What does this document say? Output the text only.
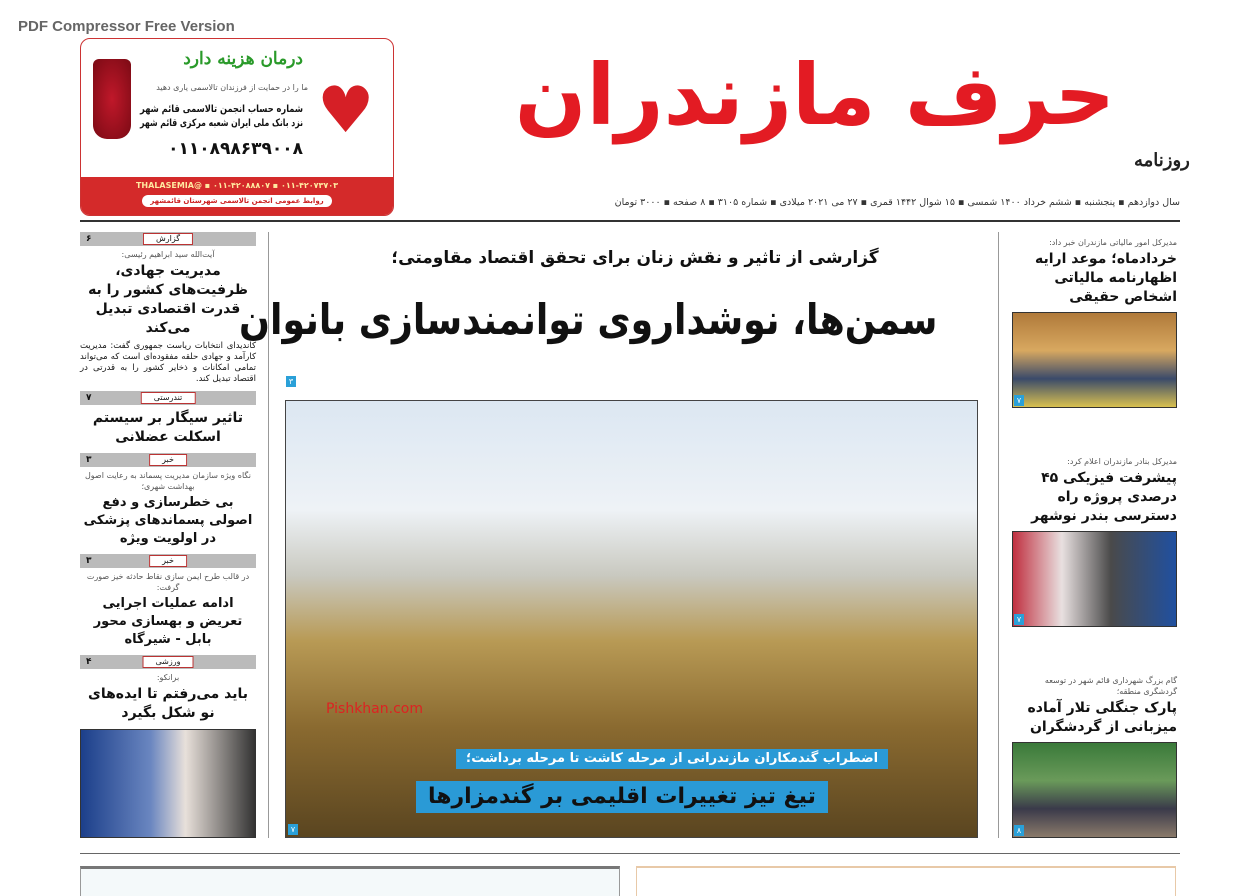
PDF Compressor Free Version
♥
درمان هزینه دارد
ما را در حمایت از فرزندان تالاسمی یاری دهید
شماره حساب انجمن تالاسمی قائم شهر
نزد بانک ملی ایران شعبه مرکزی قائم شهر
۰۱۱۰۸۹۸۶۳۹۰۰۸
۰۱۱-۴۲۰۷۳۷۰۳ ▪ ۰۱۱-۴۲۰۸۸۸۰۷ ▪ @THALASEMIA
روابط عمومی انجمن تالاسمی شهرستان قائمشهر
حرف مازندران
روزنامه
سال دوازدهم ▪ پنجشنبه ▪ ششم خرداد ۱۴۰۰ شمسی ▪ ۱۵ شوال ۱۴۴۲ قمری ▪ ۲۷ می ۲۰۲۱ میلادی ▪ شماره ۳۱۰۵ ▪ ۸ صفحه ▪ ۳۰۰۰ تومان
گزارش
۶
آیت‌الله سید ابراهیم رئیسی:
مدیریت جهادی، ظرفیت‌های کشور را به قدرت اقتصادی تبدیل می‌کند
کاندیدای انتخابات ریاست جمهوری گفت: مدیریت کارآمد و جهادی حلقه مفقوده‌ای است که می‌تواند تمامی امکانات و ذخایر کشور را به قدرتی در اقتصاد تبدیل کند.
تندرستی
۷
تاثیر سیگار بر سیستم اسکلت عضلانی
خبر
۳
نگاه ویژه سازمان مدیریت پسماند به رعایت اصول بهداشت شهری؛
بی خطرسازی و دفع اصولی پسماندهای پزشکی در اولویت ویژه
خبر
۳
در قالب طرح ایمن سازی نقاط حادثه خیز صورت گرفت:
ادامه عملیات اجرایی تعریض و بهسازی محور بابل - شیرگاه
ورزشی
۴
برانکو:
باید می‌رفتم تا ایده‌های نو شکل بگیرد
گزارشی از تاثیر و نقش زنان برای تحقق اقتصاد مقاومتی؛
سمن‌ها، نوشداروی توانمندسازی بانوان
۳
Pishkhan.com
اضطراب گندمکاران مازندرانی از مرحله کاشت تا مرحله برداشت؛
تیغ تیز تغییرات اقلیمی بر گندمزارها
۷
مدیرکل امور مالیاتی مازندران خبر داد:
خردادماه؛ موعد ارایه اظهارنامه مالیاتی اشخاص حقیقی
۷
مدیرکل بنادر مازندران اعلام کرد:
پیشرفت فیزیکی ۴۵ درصدی پروژه راه دسترسی بندر نوشهر
۷
گام بزرگ شهرداری قائم شهر در توسعه گردشگری منطقه؛
پارک جنگلی تلار آماده میزبانی از گردشگران
۸
